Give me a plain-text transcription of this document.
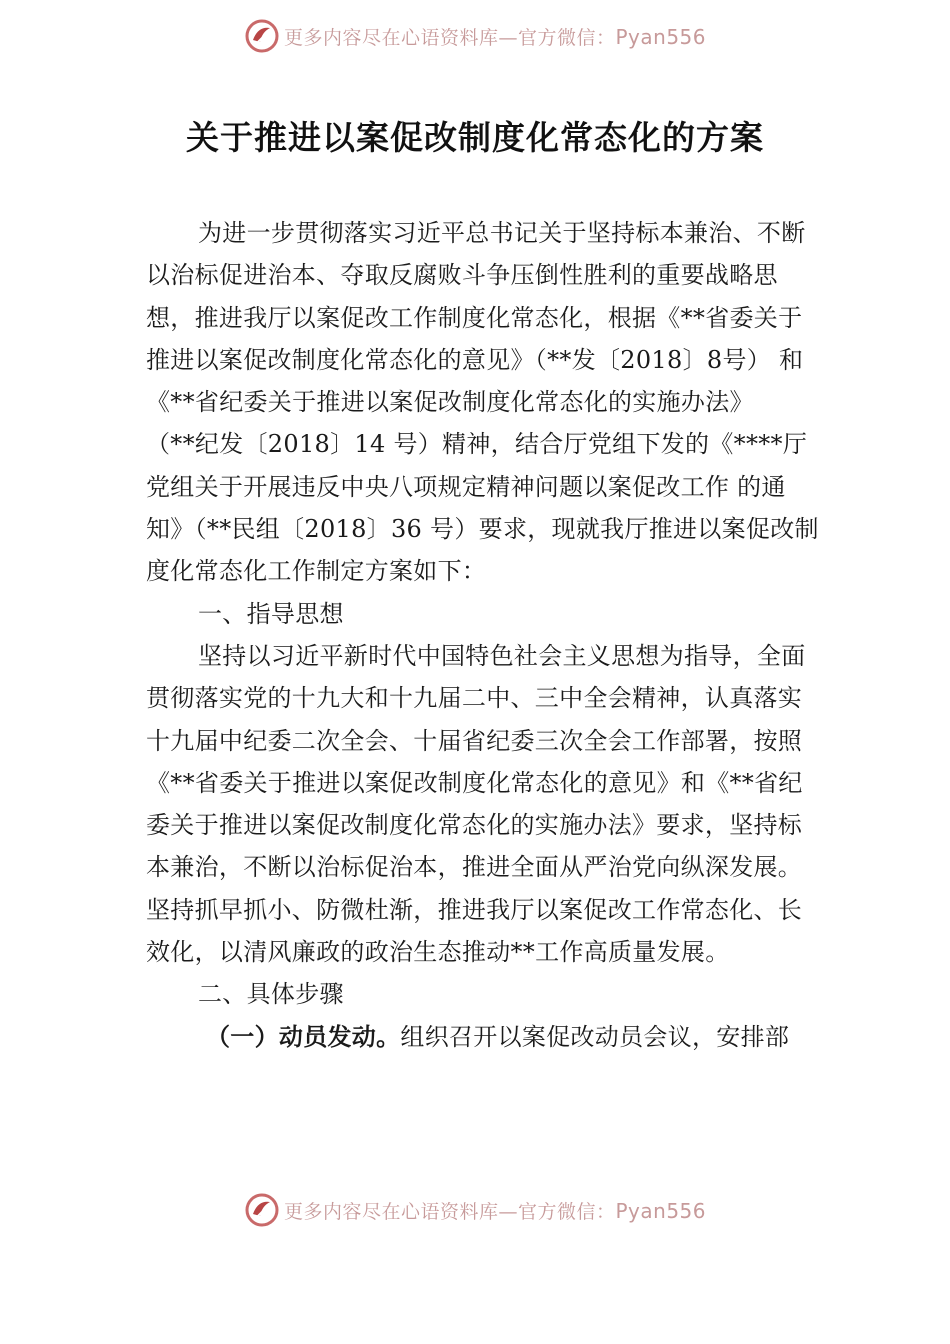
更多内容尽在心语资料库—官方微信：Pyan556
关于推进以案促改制度化常态化的方案

为进一步贯彻落实习近平总书记关于坚持标本兼治、不断以治标促进治本、夺取反腐败斗争压倒性胜利的重要战略思想，推进我厅以案促改工作制度化常态化，根据《**省委关于推进以案促改制度化常态化的意见》（**发〔2018〕8号） 和《**省纪委关于推进以案促改制度化常态化的实施办法》

（**纪发〔2018〕14 号）精神，结合厅党组下发的《****厅党组关于开展违反中央八项规定精神问题以案促改工作 的通知》（**民组〔2018〕36 号）要求，现就我厅推进以案促改制度化常态化工作制定方案如下：

一、指导思想

坚持以习近平新时代中国特色社会主义思想为指导，全面贯彻落实党的十九大和十九届二中、三中全会精神，认真落实十九届中纪委二次全会、十届省纪委三次全会工作部署，按照《**省委关于推进以案促改制度化常态化的意见》和《**省纪委关于推进以案促改制度化常态化的实施办法》要求，坚持标本兼治，不断以治标促治本，推进全面从严治党向纵深发展。坚持抓早抓小、防微杜渐，推进我厅以案促改工作常态化、长效化，以清风廉政的政治生态推动**工作高质量发展。

二、具体步骤

（一）动员发动。组织召开以案促改动员会议，安排部

更多内容尽在心语资料库—官方微信：Pyan556
